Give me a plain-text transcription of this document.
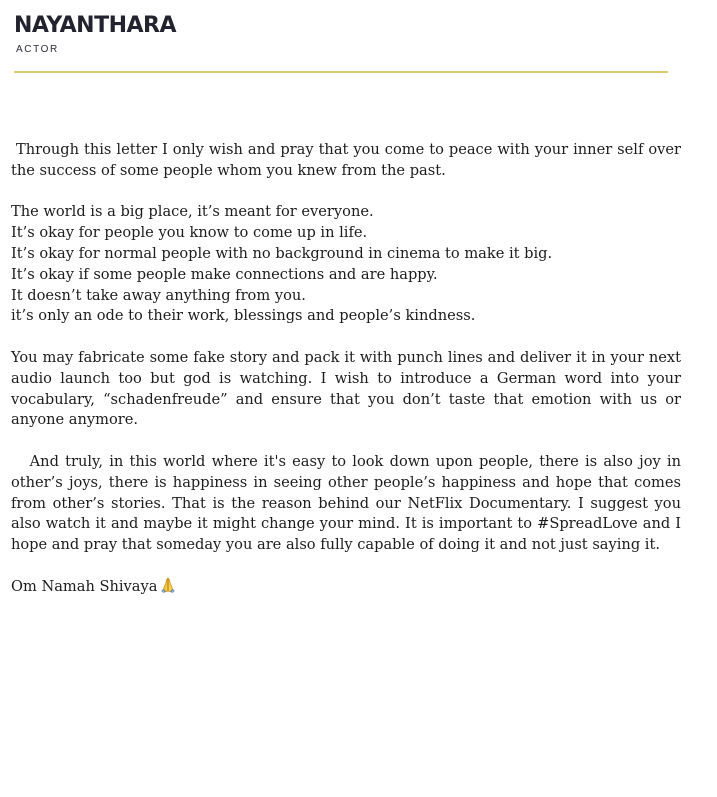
NAYANTHARA
ACTOR

Through this letter I only wish and pray that you come to peace with your inner self over the success of some people whom you knew from the past.

The world is a big place, it’s meant for everyone.
It’s okay for people you know to come up in life.
It’s okay for normal people with no background in cinema to make it big.
It’s okay if some people make connections and are happy.
It doesn’t take away anything from you.
it’s only an ode to their work, blessings and people’s kindness.

You may fabricate some fake story and pack it with punch lines and deliver it in your next audio launch too but god is watching. I wish to introduce a German word into your vocabulary, “schadenfreude” and ensure that you don’t taste that emotion with us or anyone anymore.

And truly, in this world where it's easy to look down upon people, there is also joy in other’s joys, there is happiness in seeing other people’s happiness and hope that comes from other’s stories. That is the reason behind our NetFlix Documentary. I suggest you also watch it and maybe it might change your mind. It is important to #SpreadLove and I hope and pray that someday you are also fully capable of doing it and not just saying it.

Om Namah Shivaya
